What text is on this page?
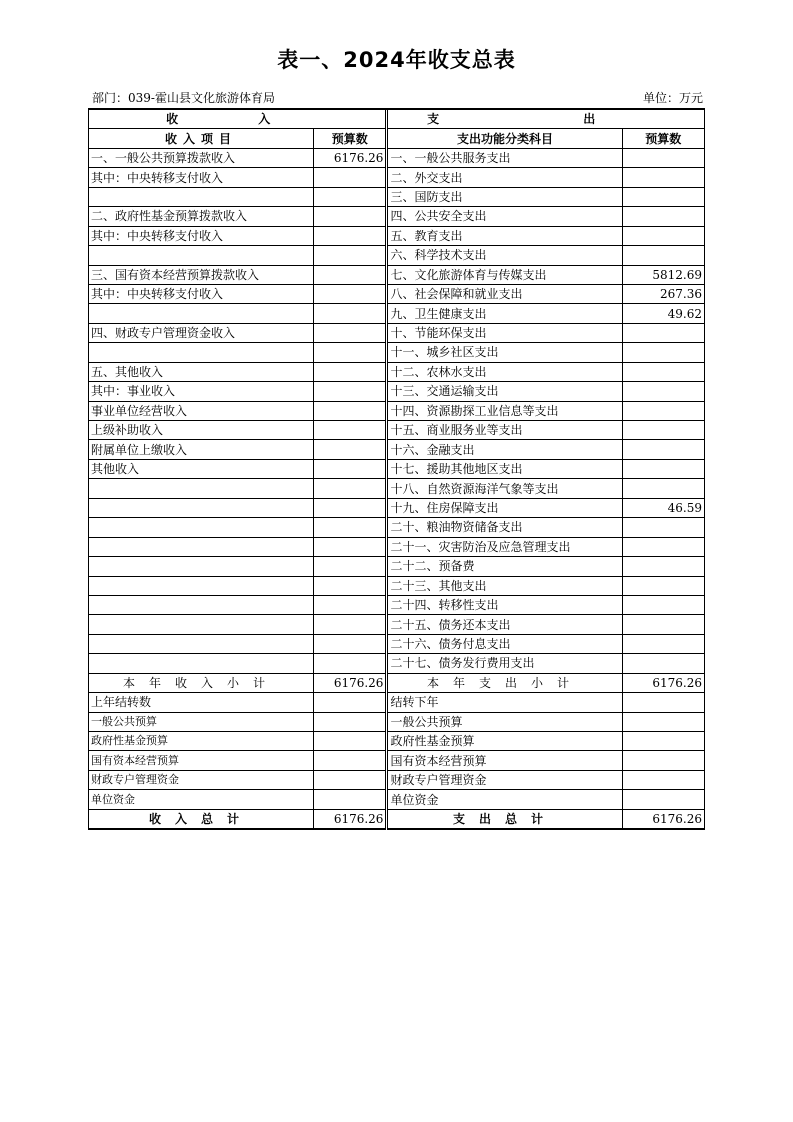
表一、2024年收支总表
部门：039-霍山县文化旅游体育局	单位：万元
收 入			支 出	
收入项目	预算数		支出功能分类科目	预算数
一、一般公共预算拨款收入	6176.26		一、一般公共服务支出	
其中：中央转移支付收入			二、外交支出	
			三、国防支出	
二、政府性基金预算拨款收入			四、公共安全支出	
其中：中央转移支付收入			五、教育支出	
			六、科学技术支出	
三、国有资本经营预算拨款收入			七、文化旅游体育与传媒支出	5812.69
其中：中央转移支付收入			八、社会保障和就业支出	267.36
			九、卫生健康支出	49.62
四、财政专户管理资金收入			十、节能环保支出	
			十一、城乡社区支出	
五、其他收入			十二、农林水支出	
其中：事业收入			十三、交通运输支出	
事业单位经营收入			十四、资源勘探工业信息等支出	
上级补助收入			十五、商业服务业等支出	
附属单位上缴收入			十六、金融支出	
其他收入			十七、援助其他地区支出	
			十八、自然资源海洋气象等支出	
			十九、住房保障支出	46.59
			二十、粮油物资储备支出	
			二十一、灾害防治及应急管理支出	
			二十二、预备费	
			二十三、其他支出	
			二十四、转移性支出	
			二十五、债务还本支出	
			二十六、债务付息支出	
			二十七、债务发行费用支出	
本年收入小计	6176.26		本年支出小计	6176.26
上年结转数			结转下年	
一般公共预算			一般公共预算	
政府性基金预算			政府性基金预算	
国有资本经营预算			国有资本经营预算	
财政专户管理资金			财政专户管理资金	
单位资金			单位资金	
收入总计	6176.26		支出总计	6176.26
